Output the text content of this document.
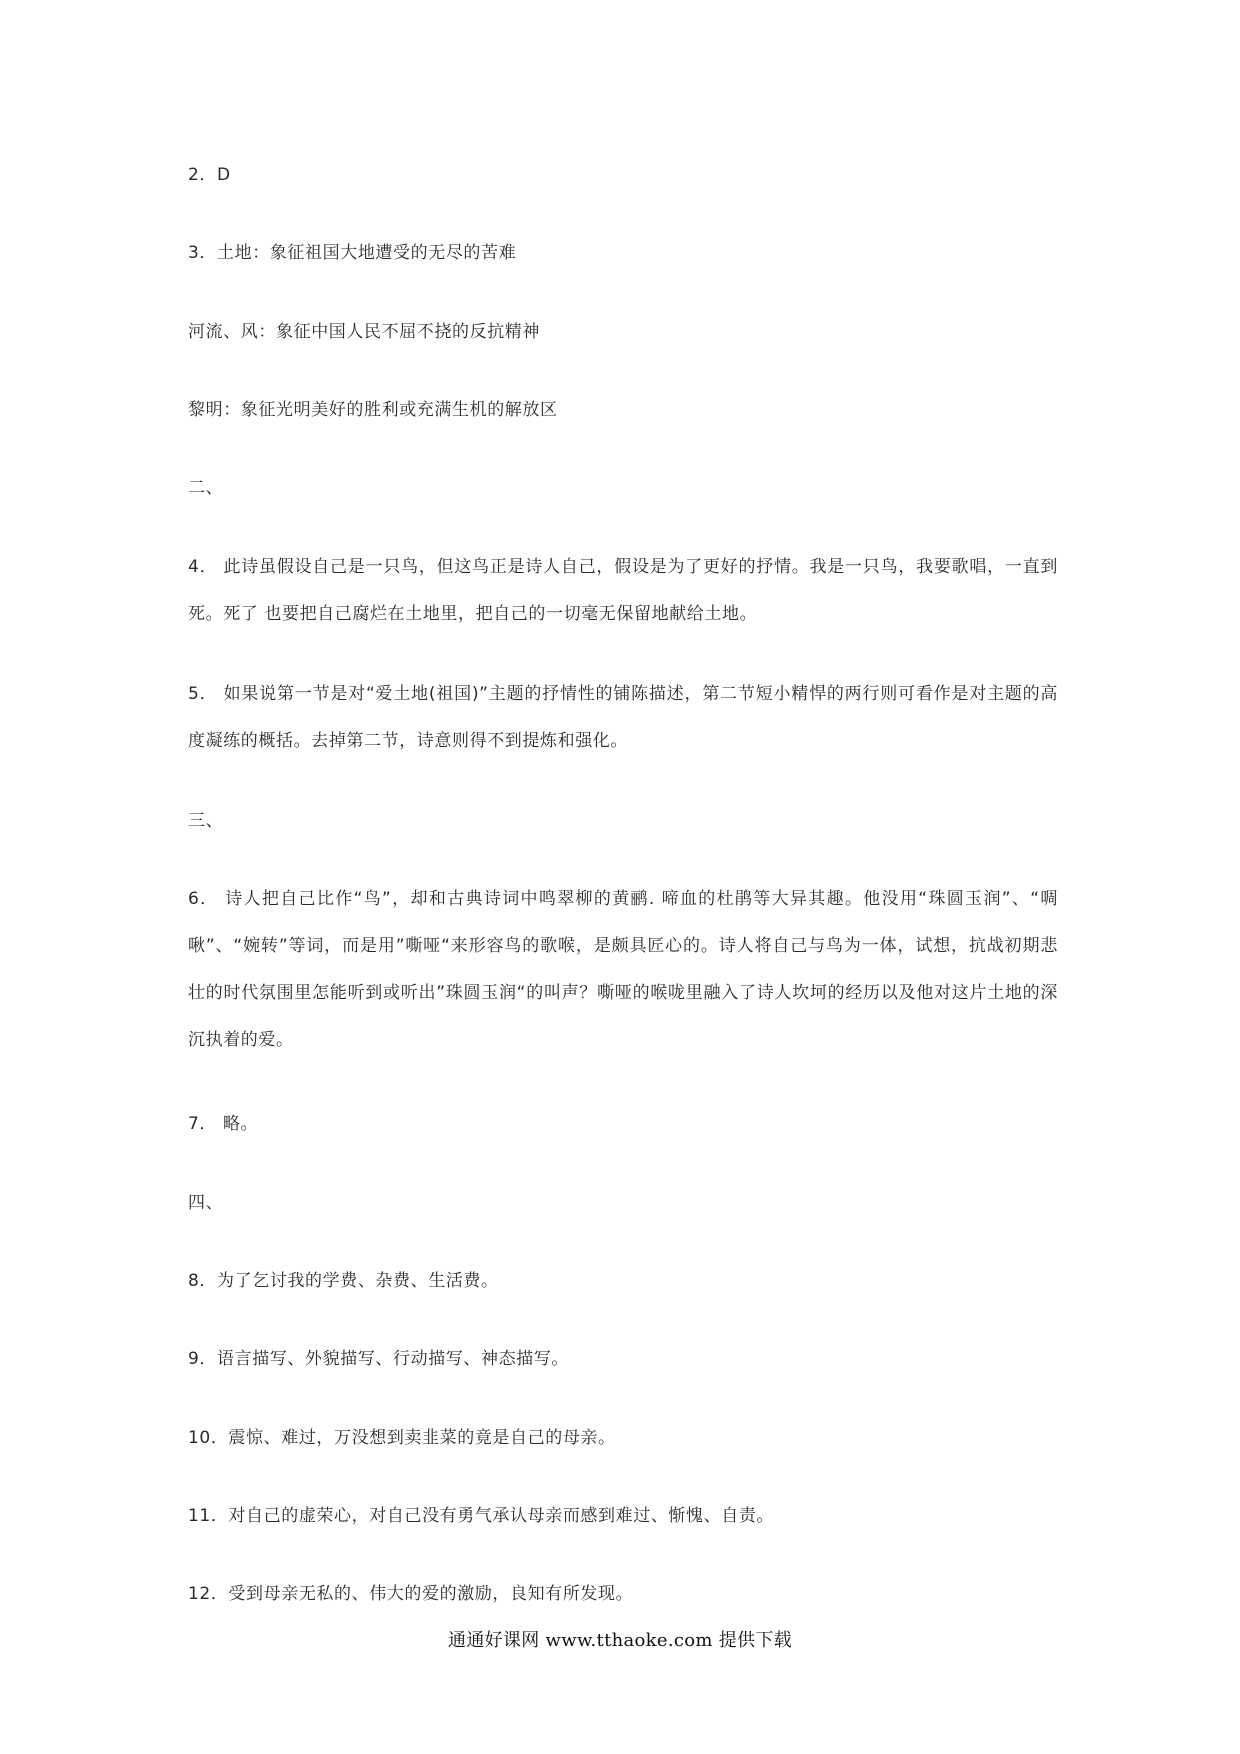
2．D
3．土地：象征祖国大地遭受的无尽的苦难
河流、风：象征中国人民不屈不挠的反抗精神
黎明：象征光明美好的胜利或充满生机的解放区
二、
4． 此诗虽假设自己是一只鸟，但这鸟正是诗人自己，假设是为了更好的抒情。我是一只鸟，我要歌唱，一直到死。死了 也要把自己腐烂在土地里，把自己的一切毫无保留地献给土地。
5． 如果说第一节是对“爱土地(祖国)”主题的抒情性的铺陈描述，第二节短小精悍的两行则可看作是对主题的高度凝练的概括。去掉第二节，诗意则得不到提炼和强化。
三、
6． 诗人把自己比作“鸟”，却和古典诗词中鸣翠柳的黄鹂. 啼血的杜鹃等大异其趣。他没用“珠圆玉润”、“啁啾”、“婉转”等词，而是用”嘶哑“来形容鸟的歌喉，是颇具匠心的。诗人将自己与鸟为一体，试想，抗战初期悲壮的时代氛围里怎能听到或听出”珠圆玉润“的叫声？嘶哑的喉咙里融入了诗人坎坷的经历以及他对这片土地的深沉执着的爱。
7． 略。
四、
8．为了乞讨我的学费、杂费、生活费。
9．语言描写、外貌描写、行动描写、神态描写。
10．震惊、难过，万没想到卖韭菜的竟是自己的母亲。
11．对自己的虚荣心，对自己没有勇气承认母亲而感到难过、惭愧、自责。
12．受到母亲无私的、伟大的爱的激励，良知有所发现。
通通好课网 www.tthaoke.com 提供下载
